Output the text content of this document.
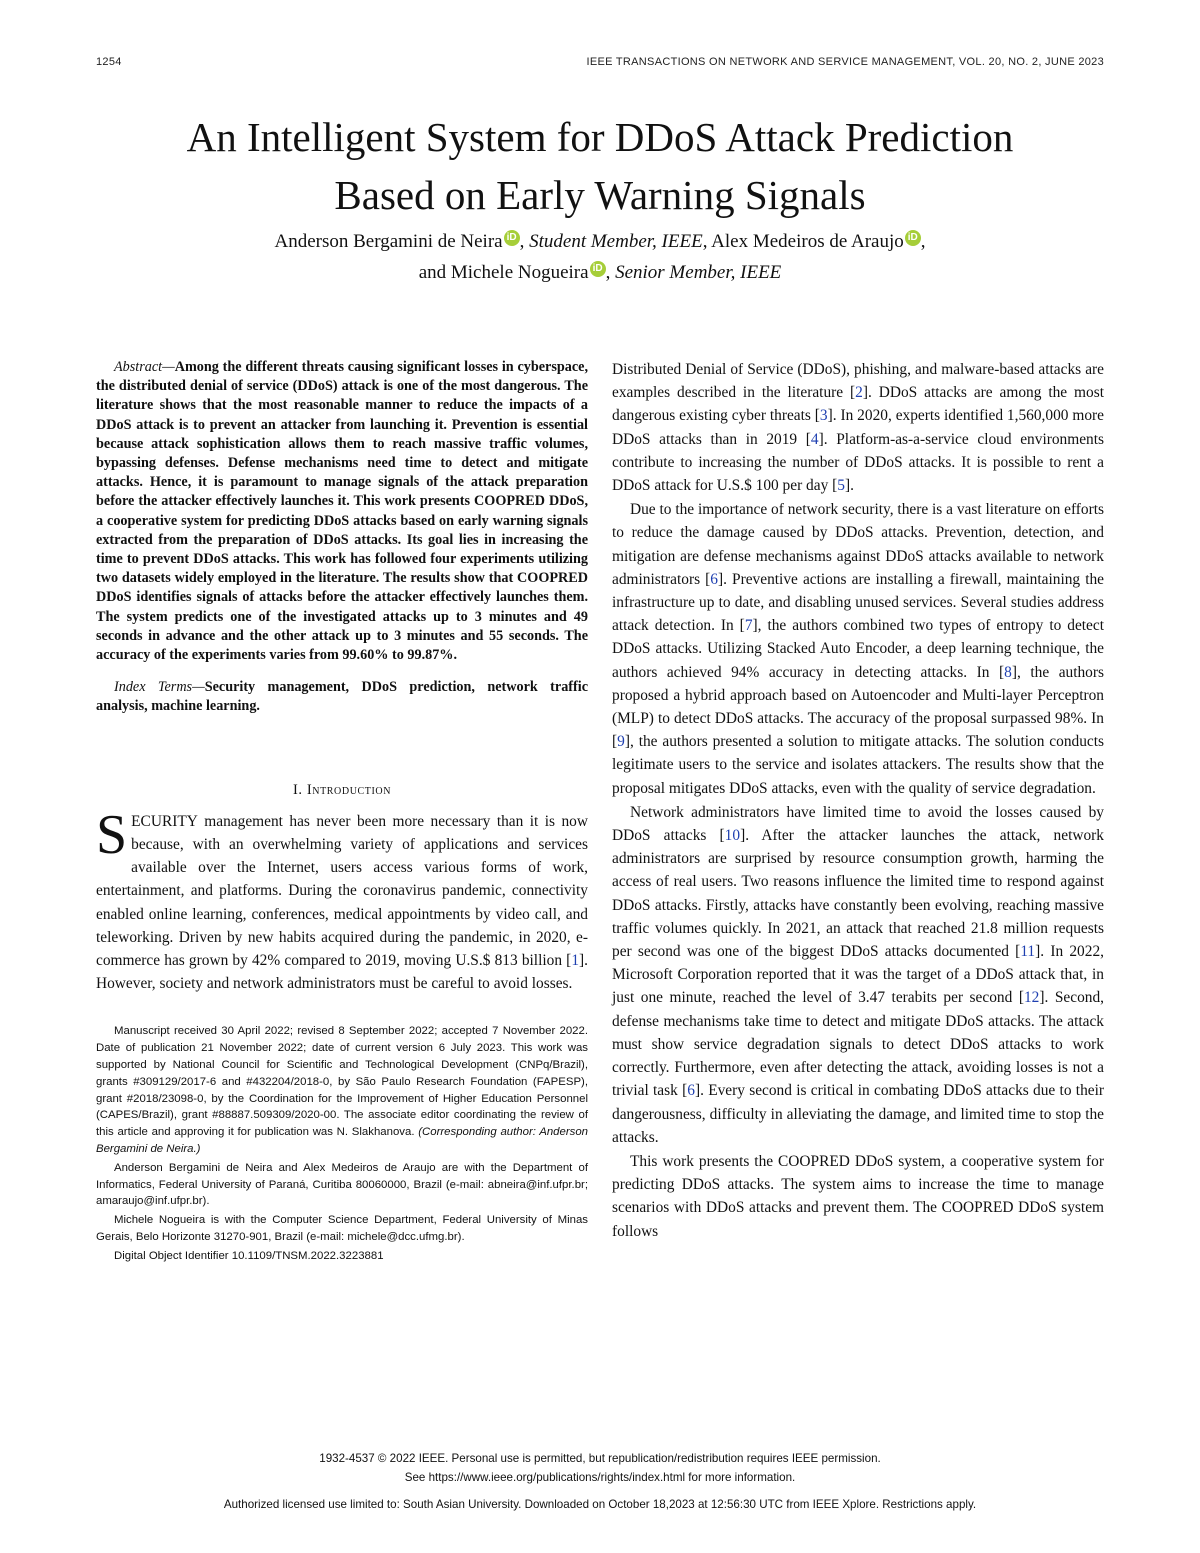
1254	IEEE TRANSACTIONS ON NETWORK AND SERVICE MANAGEMENT, VOL. 20, NO. 2, JUNE 2023
An Intelligent System for DDoS Attack Prediction
Based on Early Warning Signals
Anderson Bergamini de Neira iD , Student Member, IEEE, Alex Medeiros de Araujo iD ,
and Michele Nogueira iD , Senior Member, IEEE

Abstract—Among the different threats causing significant losses in cyberspace, the distributed denial of service (DDoS) attack is one of the most dangerous. The literature shows that the most reasonable manner to reduce the impacts of a DDoS attack is to prevent an attacker from launching it. Prevention is essential because attack sophistication allows them to reach massive traffic volumes, bypassing defenses. Defense mechanisms need time to detect and mitigate attacks. Hence, it is paramount to manage signals of the attack preparation before the attacker effectively launches it. This work presents COOPRED DDoS, a cooperative system for predicting DDoS attacks based on early warning signals extracted from the preparation of DDoS attacks. Its goal lies in increasing the time to prevent DDoS attacks. This work has followed four experiments utilizing two datasets widely employed in the literature. The results show that COOPRED DDoS identifies signals of attacks before the attacker effectively launches them. The system predicts one of the investigated attacks up to 3 minutes and 49 seconds in advance and the other attack up to 3 minutes and 55 seconds. The accuracy of the experiments varies from 99.60% to 99.87%.

Index Terms—Security management, DDoS prediction, network traffic analysis, machine learning.

I. Introduction

SECURITY management has never been more necessary than it is now because, with an overwhelming variety of applications and services available over the Internet, users access various forms of work, entertainment, and platforms. During the coronavirus pandemic, connectivity enabled online learning, conferences, medical appointments by video call, and teleworking. Driven by new habits acquired during the pandemic, in 2020, e-commerce has grown by 42% compared to 2019, moving U.S.$ 813 billion [1]. However, society and network administrators must be careful to avoid losses.

Manuscript received 30 April 2022; revised 8 September 2022; accepted 7 November 2022. Date of publication 21 November 2022; date of current version 6 July 2023. This work was supported by National Council for Scientific and Technological Development (CNPq/Brazil), grants #309129/2017-6 and #432204/2018-0, by São Paulo Research Foundation (FAPESP), grant #2018/23098-0, by the Coordination for the Improvement of Higher Education Personnel (CAPES/Brazil), grant #88887.509309/2020-00. The associate editor coordinating the review of this article and approving it for publication was N. Slakhanova. (Corresponding author: Anderson Bergamini de Neira.)

Anderson Bergamini de Neira and Alex Medeiros de Araujo are with the Department of Informatics, Federal University of Paraná, Curitiba 80060000, Brazil (e-mail: abneira@inf.ufpr.br; amaraujo@inf.ufpr.br).

Michele Nogueira is with the Computer Science Department, Federal University of Minas Gerais, Belo Horizonte 31270-901, Brazil (e-mail: michele@dcc.ufmg.br).

Digital Object Identifier 10.1109/TNSM.2022.3223881

Distributed Denial of Service (DDoS), phishing, and malware-based attacks are examples described in the literature [2]. DDoS attacks are among the most dangerous existing cyber threats [3]. In 2020, experts identified 1,560,000 more DDoS attacks than in 2019 [4]. Platform-as-a-service cloud environments contribute to increasing the number of DDoS attacks. It is possible to rent a DDoS attack for U.S.$ 100 per day [5].

Due to the importance of network security, there is a vast literature on efforts to reduce the damage caused by DDoS attacks. Prevention, detection, and mitigation are defense mechanisms against DDoS attacks available to network administrators [6]. Preventive actions are installing a firewall, maintaining the infrastructure up to date, and disabling unused services. Several studies address attack detection. In [7], the authors combined two types of entropy to detect DDoS attacks. Utilizing Stacked Auto Encoder, a deep learning technique, the authors achieved 94% accuracy in detecting attacks. In [8], the authors proposed a hybrid approach based on Autoencoder and Multi-layer Perceptron (MLP) to detect DDoS attacks. The accuracy of the proposal surpassed 98%. In [9], the authors presented a solution to mitigate attacks. The solution conducts legitimate users to the service and isolates attackers. The results show that the proposal mitigates DDoS attacks, even with the quality of service degradation.

Network administrators have limited time to avoid the losses caused by DDoS attacks [10]. After the attacker launches the attack, network administrators are surprised by resource consumption growth, harming the access of real users. Two reasons influence the limited time to respond against DDoS attacks. Firstly, attacks have constantly been evolving, reaching massive traffic volumes quickly. In 2021, an attack that reached 21.8 million requests per second was one of the biggest DDoS attacks documented [11]. In 2022, Microsoft Corporation reported that it was the target of a DDoS attack that, in just one minute, reached the level of 3.47 terabits per second [12]. Second, defense mechanisms take time to detect and mitigate DDoS attacks. The attack must show service degradation signals to detect DDoS attacks to work correctly. Furthermore, even after detecting the attack, avoiding losses is not a trivial task [6]. Every second is critical in combating DDoS attacks due to their dangerousness, difficulty in alleviating the damage, and limited time to stop the attacks.

This work presents the COOPRED DDoS system, a cooperative system for predicting DDoS attacks. The system aims to increase the time to manage scenarios with DDoS attacks and prevent them. The COOPRED DDoS system follows

1932-4537 © 2022 IEEE. Personal use is permitted, but republication/redistribution requires IEEE permission.
See https://www.ieee.org/publications/rights/index.html for more information.
Authorized licensed use limited to: South Asian University. Downloaded on October 18,2023 at 12:56:30 UTC from IEEE Xplore. Restrictions apply.
